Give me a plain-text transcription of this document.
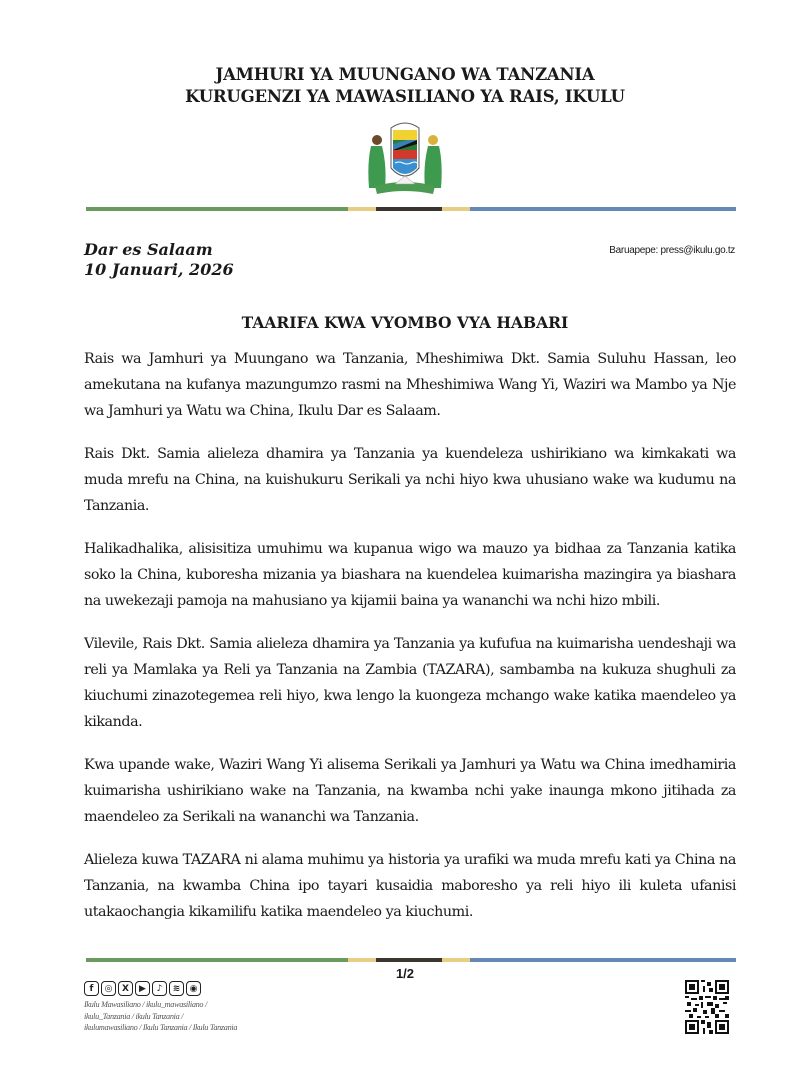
JAMHURI YA MUUNGANO WA TANZANIA
KURUGENZI YA MAWASILIANO YA RAIS, IKULU
Dar es Salaam
10 Januari, 2026
Baruapepe: press@ikulu.go.tz
TAARIFA KWA VYOMBO VYA HABARI

Rais wa Jamhuri ya Muungano wa Tanzania, Mheshimiwa Dkt. Samia Suluhu Hassan, leo amekutana na kufanya mazungumzo rasmi na Mheshimiwa Wang Yi, Waziri wa Mambo ya Nje wa Jamhuri ya Watu wa China, Ikulu Dar es Salaam.

Rais Dkt. Samia alieleza dhamira ya Tanzania ya kuendeleza ushirikiano wa kimkakati wa muda mrefu na China, na kuishukuru Serikali ya nchi hiyo kwa uhusiano wake wa kudumu na Tanzania.

Halikadhalika, alisisitiza umuhimu wa kupanua wigo wa mauzo ya bidhaa za Tanzania katika soko la China, kuboresha mizania ya biashara na kuendelea kuimarisha mazingira ya biashara na uwekezaji pamoja na mahusiano ya kijamii baina ya wananchi wa nchi hizo mbili.

Vilevile, Rais Dkt. Samia alieleza dhamira ya Tanzania ya kufufua na kuimarisha uendeshaji wa reli ya Mamlaka ya Reli ya Tanzania na Zambia (TAZARA), sambamba na kukuza shughuli za kiuchumi zinazotegemea reli hiyo, kwa lengo la kuongeza mchango wake katika maendeleo ya kikanda.

Kwa upande wake, Waziri Wang Yi alisema Serikali ya Jamhuri ya Watu wa China imedhamiria kuimarisha ushirikiano wake na Tanzania, na kwamba nchi yake inaunga mkono jitihada za maendeleo za Serikali na wananchi wa Tanzania.

Alieleza kuwa TAZARA ni alama muhimu ya historia ya urafiki wa muda mrefu kati ya China na Tanzania, na kwamba China ipo tayari kusaidia maboresho ya reli hiyo ili kuleta ufanisi utakaochangia kikamilifu katika maendeleo ya kiuchumi.

1/2
f	◎	X	▶	♪	≋	◉
Ikulu Mawasiliano / ikulu_mawasiliano /
ikulu_Tanzania / ikulu Tanzania /
ikulumawasiliano / Ikulu Tanzania / Ikulu Tanzania
